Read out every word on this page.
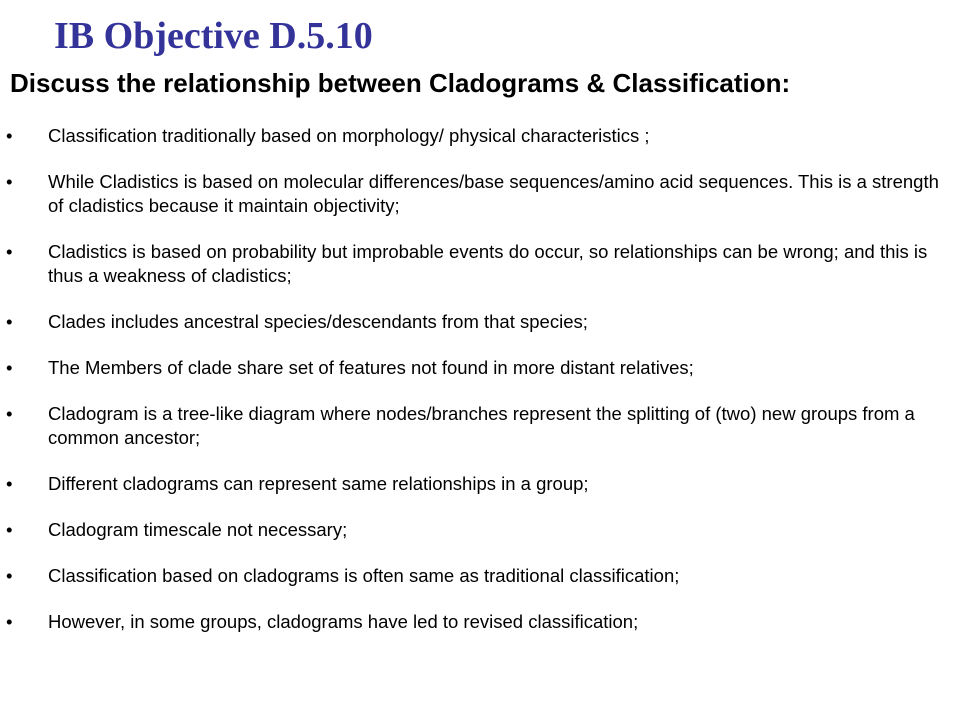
IB Objective D.5.10
Discuss the relationship between Cladograms & Classification:
• Classification traditionally based on morphology/ physical characteristics ;
• While Cladistics is based on molecular differences/base sequences/amino acid sequences. This is a strength of cladistics because it maintain objectivity;
• Cladistics is based on probability but improbable events do occur, so relationships can be wrong; and this is thus a weakness of cladistics;
• Clades includes ancestral species/descendants from that species;
• The Members of clade share set of features not found in more distant relatives;
• Cladogram is a tree-like diagram where nodes/branches represent the splitting of (two) new groups from a common ancestor;
• Different cladograms can represent same relationships in a group;
• Cladogram timescale not necessary;
• Classification based on cladograms is often same as traditional classification;
• However, in some groups, cladograms have led to revised classification;
